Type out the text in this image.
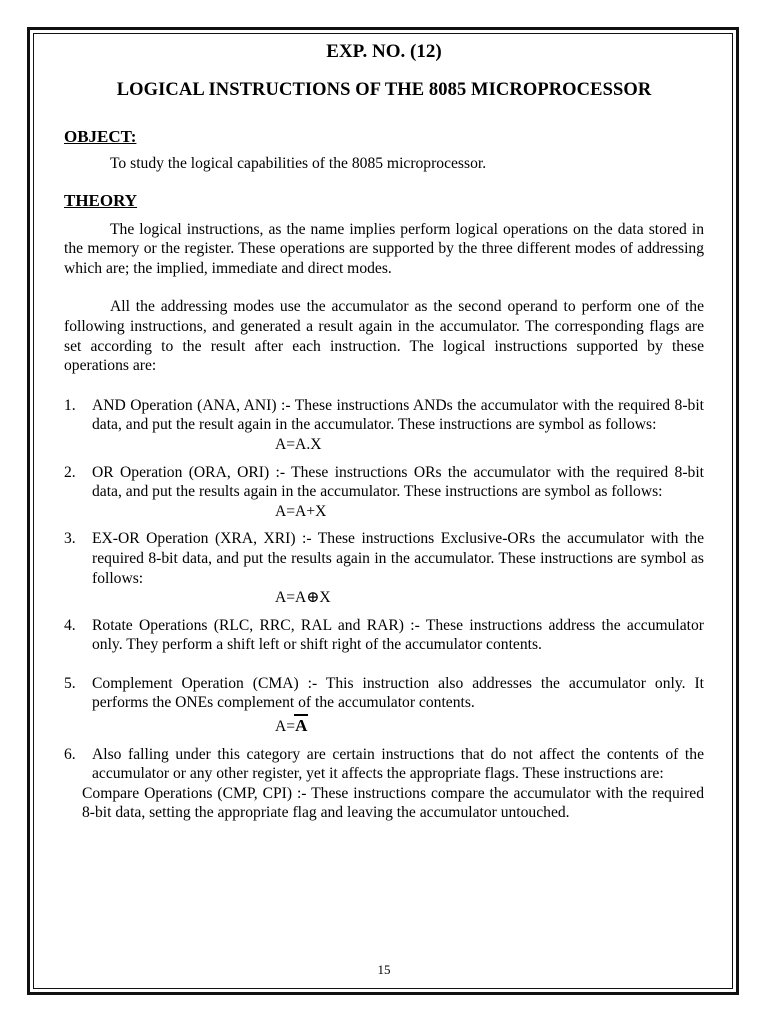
EXP. NO. (12)
LOGICAL INSTRUCTIONS OF THE 8085 MICROPROCESSOR
OBJECT:

To study the logical capabilities of the 8085 microprocessor.

THEORY

The logical instructions, as the name implies perform logical operations on the data stored in the memory or the register. These operations are supported by the three different modes of addressing which are; the implied, immediate and direct modes.

All the addressing modes use the accumulator as the second operand to perform one of the following instructions, and generated a result again in the accumulator. The corresponding flags are set according to the result after each instruction. The logical instructions supported by these operations are:

1. AND Operation (ANA, ANI) :- These instructions ANDs the accumulator with the required 8-bit data, and put the result again in the accumulator. These instructions are symbol as follows:
A=A.X
2. OR Operation (ORA, ORI) :- These instructions ORs the accumulator with the required 8-bit data, and put the results again in the accumulator. These instructions are symbol as follows:
A=A+X
3. EX-OR Operation (XRA, XRI) :- These instructions Exclusive-ORs the accumulator with the required 8-bit data, and put the results again in the accumulator. These instructions are symbol as follows:
A=A⊕X
4. Rotate Operations (RLC, RRC, RAL and RAR) :- These instructions address the accumulator only. They perform a shift left or shift right of the accumulator contents.
5. Complement Operation (CMA) :- This instruction also addresses the accumulator only. It performs the ONEs complement of the accumulator contents.
A=
A
6. Also falling under this category are certain instructions that do not affect the contents of the accumulator or any other register, yet it affects the appropriate flags. These instructions are:

Compare Operations (CMP, CPI) :- These instructions compare the accumulator with the required 8-bit data, setting the appropriate flag and leaving the accumulator untouched.

15
